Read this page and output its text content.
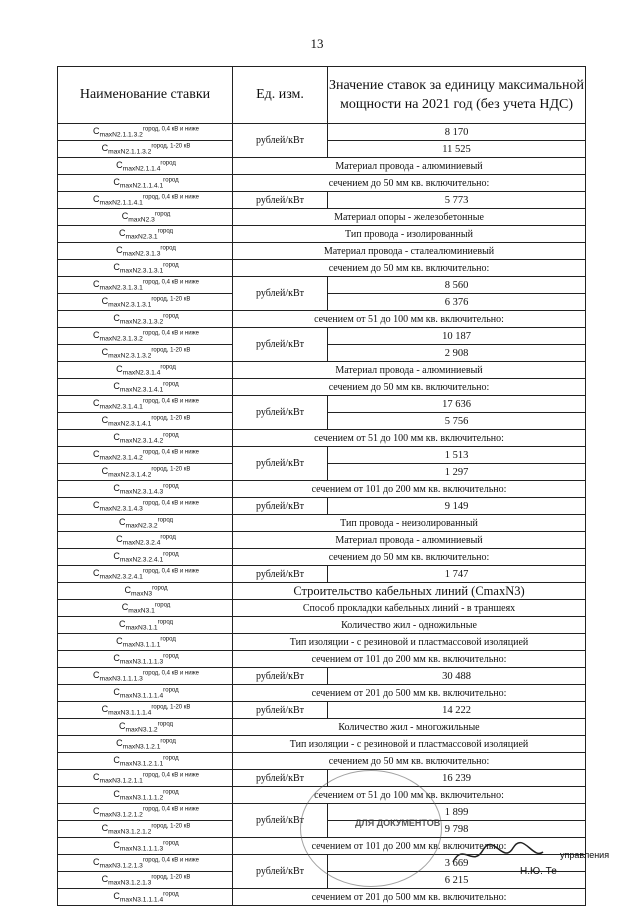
13
Наименование ставки	Ед. изм.	Значение ставок за единицу максимальной мощности на 2021 год (без учета НДС)
$C_{maxN2.1.1.3.2}^{город, 0,4 кВ и ниже}$	рублей/кВт	8 170
$C_{maxN2.1.1.3.2}^{город, 1-20 кВ}$		11 525
$C_{maxN2.1.1.4}^{город}$	Материал провода - алюминиевый	
$C_{maxN2.1.1.4.1}^{город}$	сечением до 50 мм кв. включительно:	
$C_{maxN2.1.1.4.1}^{город, 0,4 кВ и ниже}$	рублей/кВт	5 773
$C_{maxN2.3}^{город}$	Материал опоры - железобетонные	
$C_{maxN2.3.1}^{город}$	Тип провода - изолированный	
$C_{maxN2.3.1.3}^{город}$	Материал провода - сталеалюминиевый	
$C_{maxN2.3.1.3.1}^{город}$	сечением до 50 мм кв. включительно:	
$C_{maxN2.3.1.3.1}^{город, 0,4 кВ и ниже}$	рублей/кВт	8 560
$C_{maxN2.3.1.3.1}^{город, 1-20 кВ}$		6 376
$C_{maxN2.3.1.3.2}^{город}$	сечением от 51 до 100 мм кв. включительно:	
$C_{maxN2.3.1.3.2}^{город, 0,4 кВ и ниже}$	рублей/кВт	10 187
$C_{maxN2.3.1.3.2}^{город, 1-20 кВ}$		2 908
$C_{maxN2.3.1.4}^{город}$	Материал провода - алюминиевый	
$C_{maxN2.3.1.4.1}^{город}$	сечением до 50 мм кв. включительно:	
$C_{maxN2.3.1.4.1}^{город, 0,4 кВ и ниже}$	рублей/кВт	17 636
$C_{maxN2.3.1.4.1}^{город, 1-20 кВ}$		5 756
$C_{maxN2.3.1.4.2}^{город}$	сечением от 51 до 100 мм кв. включительно:	
$C_{maxN2.3.1.4.2}^{город, 0,4 кВ и ниже}$	рублей/кВт	1 513
$C_{maxN2.3.1.4.2}^{город, 1-20 кВ}$		1 297
$C_{maxN2.3.1.4.3}^{город}$	сечением от 101 до 200 мм кв. включительно:	
$C_{maxN2.3.1.4.3}^{город, 0,4 кВ и ниже}$	рублей/кВт	9 149
$C_{maxN2.3.2}^{город}$	Тип провода - неизолированный	
$C_{maxN2.3.2.4}^{город}$	Материал провода - алюминиевый	
$C_{maxN2.3.2.4.1}^{город}$	сечением до 50 мм кв. включительно:	
$C_{maxN2.3.2.4.1}^{город, 0,4 кВ и ниже}$	рублей/кВт	1 747
$C_{maxN3}^{город}$	Строительство кабельных линий (CmaxN3)	
$C_{maxN3.1}^{город}$	Способ прокладки кабельных линий - в траншеях	
$C_{maxN3.1.1}^{город}$	Количество жил - одножильные	
$C_{maxN3.1.1.1}^{город}$	Тип изоляции - с резиновой и пластмассовой изоляцией	
$C_{maxN3.1.1.1.3}^{город}$	сечением от 101 до 200 мм кв. включительно:	
$C_{maxN3.1.1.1.3}^{город, 0,4 кВ и ниже}$	рублей/кВт	30 488
$C_{maxN3.1.1.1.4}^{город}$	сечением от 201 до 500 мм кв. включительно:	
$C_{maxN3.1.1.1.4}^{город, 1-20 кВ}$	рублей/кВт	14 222
$C_{maxN3.1.2}^{город}$	Количество жил - многожильные	
$C_{maxN3.1.2.1}^{город}$	Тип изоляции - с резиновой и пластмассовой изоляцией	
$C_{maxN3.1.2.1.1}^{город}$	сечением до 50 мм кв. включительно:	
$C_{maxN3.1.2.1.1}^{город, 0,4 кВ и ниже}$	рублей/кВт	16 239
$C_{maxN3.1.1.1.2}^{город}$	сечением от 51 до 100 мм кв. включительно:	
$C_{maxN3.1.2.1.2}^{город, 0,4 кВ и ниже}$	рублей/кВт	1 899
$C_{maxN3.1.2.1.2}^{город, 1-20 кВ}$		9 798
$C_{maxN3.1.1.1.3}^{город}$	сечением от 101 до 200 мм кв. включительно:	
$C_{maxN3.1.2.1.3}^{город, 0,4 кВ и ниже}$	рублей/кВт	3 669
$C_{maxN3.1.2.1.3}^{город, 1-20 кВ}$		6 215
$C_{maxN3.1.1.1.4}^{город}$	сечением от 201 до 500 мм кв. включительно:	
ДЛЯ ДОКУМЕНТОВ
управления
Н.Ю. Те
